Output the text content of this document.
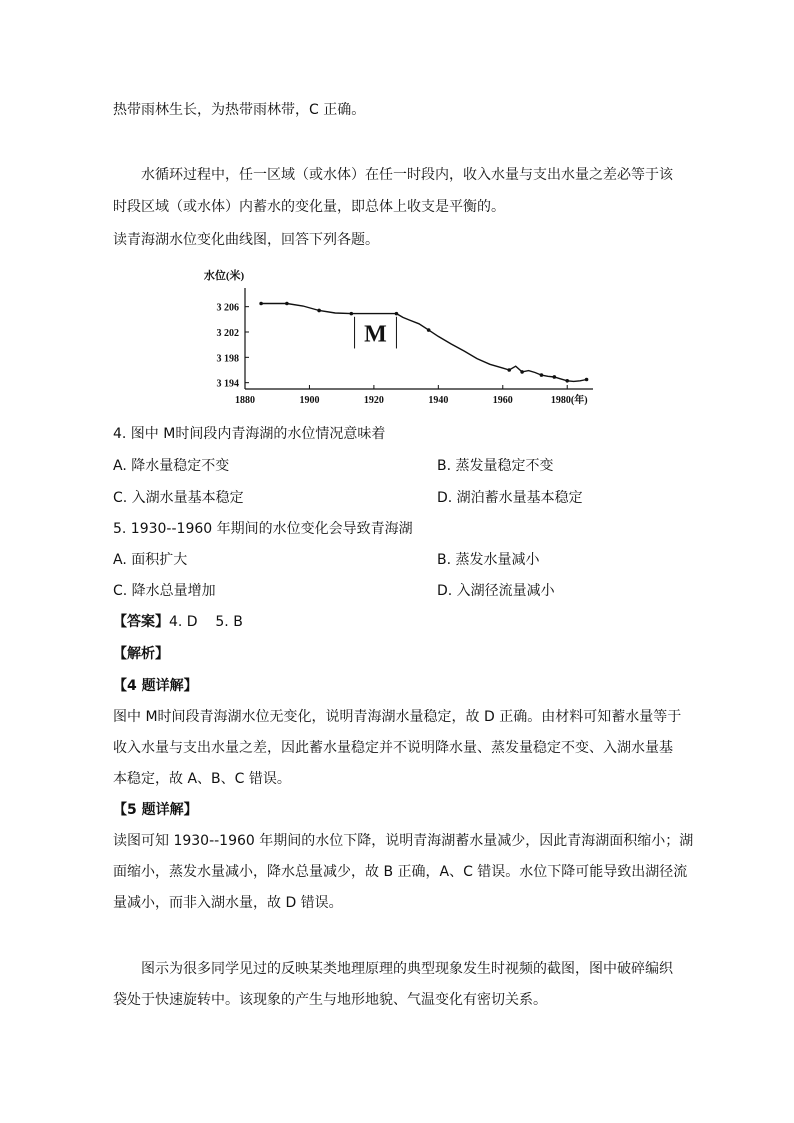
热带雨林生长，为热带雨林带，C 正确。
水循环过程中，任一区域（或水体）在任一时段内，收入水量与支出水量之差必等于该
时段区域（或水体）内蓄水的变化量，即总体上收支是平衡的。
读青海湖水位变化曲线图，回答下列各题。
水位(米)
3 194
3 198
3 202
3 206
1880	1900	1920	1940	1960	1980(年)
M
4. 图中 M时间段内青海湖的水位情况意味着
A. 降水量稳定不变	B. 蒸发量稳定不变
C. 入湖水量基本稳定	D. 湖泊蓄水量基本稳定
5. 1930--1960 年期间的水位变化会导致青海湖
A. 面积扩大	B. 蒸发水量减小
C. 降水总量增加	D. 入湖径流量减小
【答案】4. D    5. B
【解析】
【4 题详解】
图中 M时间段青海湖水位无变化，说明青海湖水量稳定，故 D 正确。由材料可知蓄水量等于
收入水量与支出水量之差，因此蓄水量稳定并不说明降水量、蒸发量稳定不变、入湖水量基
本稳定，故 A、B、C 错误。
【5 题详解】
读图可知 1930--1960 年期间的水位下降，说明青海湖蓄水量减少，因此青海湖面积缩小；湖
面缩小，蒸发水量减小，降水总量减少，故 B 正确，A、C 错误。水位下降可能导致出湖径流
量减小，而非入湖水量，故 D 错误。
图示为很多同学见过的反映某类地理原理的典型现象发生时视频的截图，图中破碎编织
袋处于快速旋转中。该现象的产生与地形地貌、气温变化有密切关系。
